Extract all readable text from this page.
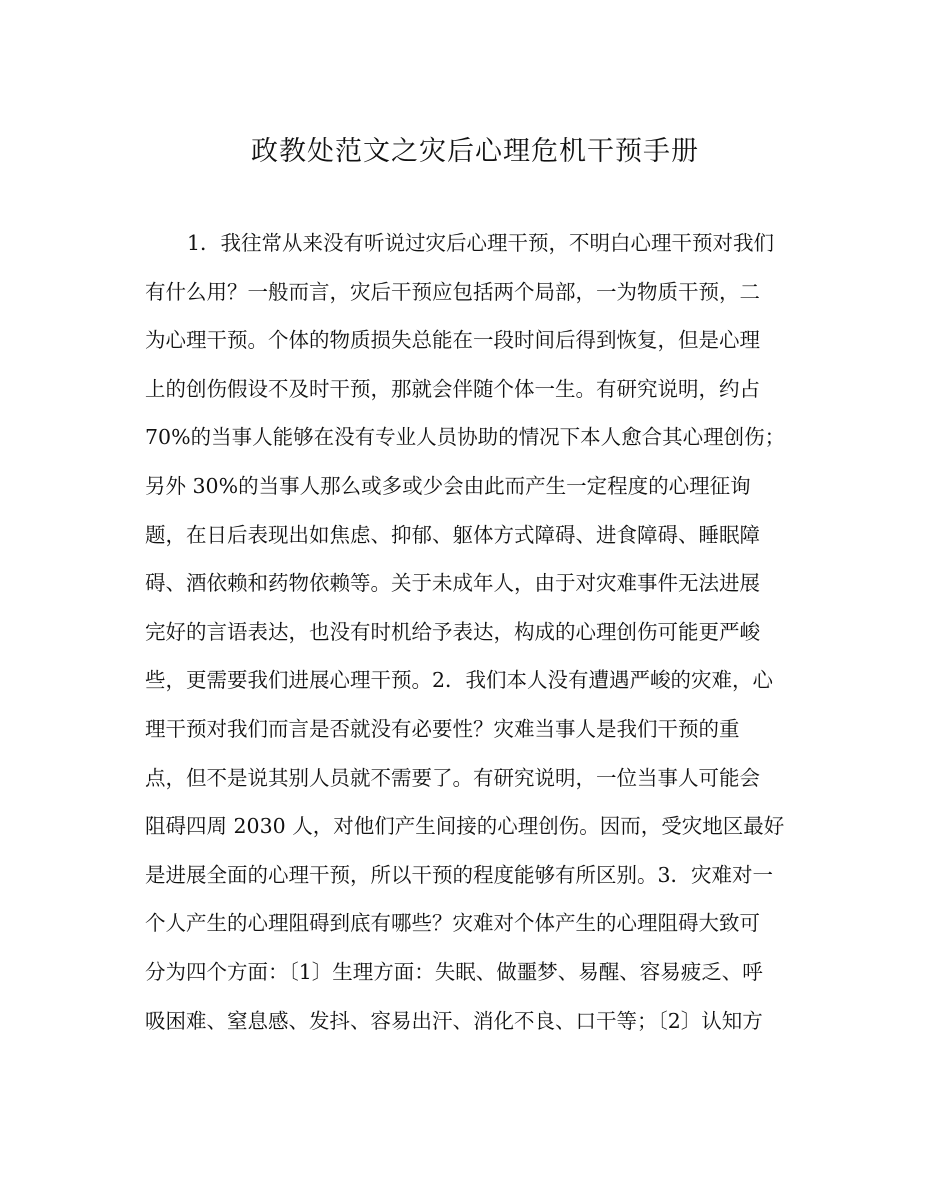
政教处范文之灾后心理危机干预手册
1．我往常从来没有听说过灾后心理干预，不明白心理干预对我们
有什么用？一般而言，灾后干预应包括两个局部，一为物质干预，二
为心理干预。个体的物质损失总能在一段时间后得到恢复，但是心理
上的创伤假设不及时干预，那就会伴随个体一生。有研究说明，约占
70%的当事人能够在没有专业人员协助的情况下本人愈合其心理创伤；
另外 30%的当事人那么或多或少会由此而产生一定程度的心理征询
题，在日后表现出如焦虑、抑郁、躯体方式障碍、进食障碍、睡眠障
碍、酒依赖和药物依赖等。关于未成年人，由于对灾难事件无法进展
完好的言语表达，也没有时机给予表达，构成的心理创伤可能更严峻
些，更需要我们进展心理干预。2．我们本人没有遭遇严峻的灾难，心
理干预对我们而言是否就没有必要性？灾难当事人是我们干预的重
点，但不是说其别人员就不需要了。有研究说明，一位当事人可能会
阻碍四周 2030 人，对他们产生间接的心理创伤。因而，受灾地区最好
是进展全面的心理干预，所以干预的程度能够有所区别。3．灾难对一
个人产生的心理阻碍到底有哪些？灾难对个体产生的心理阻碍大致可
分为四个方面：〔1〕生理方面：失眠、做噩梦、易醒、容易疲乏、呼
吸困难、窒息感、发抖、容易出汗、消化不良、口干等；〔2〕认知方
